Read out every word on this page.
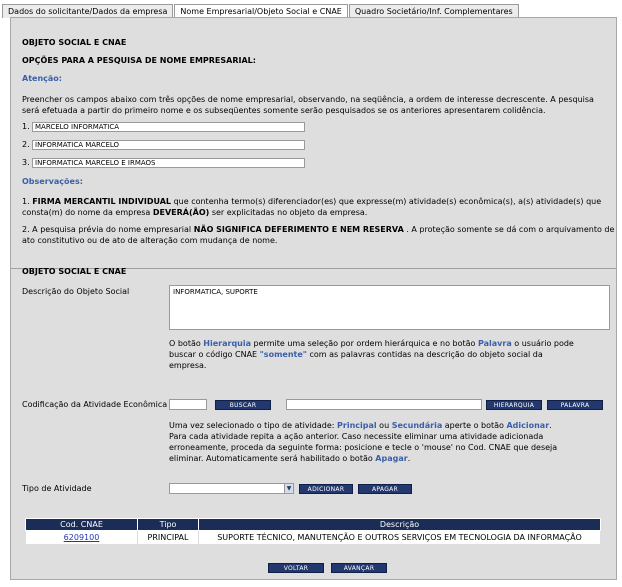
Dados do solicitante/Dados da empresa	Nome Empresarial/Objeto Social e CNAE	Quadro Societário/Inf. Complementares
OBJETO SOCIAL E CNAE
OPÇÕES PARA A PESQUISA DE NOME EMPRESARIAL:
Atenção:
Preencher os campos abaixo com três opções de nome empresarial, observando, na seqüência, a ordem de interesse decrescente. A pesquisa
será efetuada a partir do primeiro nome e os subseqüentes somente serão pesquisados se os anteriores apresentarem colidência.
1.
MARCELO INFORMATICA
2.
INFORMATICA MARCELO
3.
INFORMATICA MARCELO E IRMÃOS
Observações:
1. FIRMA MERCANTIL INDIVIDUAL que contenha termo(s) diferenciador(es) que expresse(m) atividade(s) econômica(s), a(s) atividade(s) que
consta(m) do nome da empresa DEVERÁ(ÃO) ser explicitadas no objeto da empresa.
2. A pesquisa prévia do nome empresarial NÃO SIGNIFICA DEFERIMENTO E NEM RESERVA . A proteção somente se dá com o arquivamento de
ato constitutivo ou de ato de alteração com mudança de nome.
OBJETO SOCIAL E CNAE
Descrição do Objeto Social	INFORMATICA, SUPORTE
O botão Hierarquia permite uma seleção por ordem hierárquica e no botão Palavra o usuário pode
buscar o código CNAE "somente" com as palavras contidas na descrição do objeto social da
empresa.
Codificação da Atividade Econômica	BUSCAR	HIERARQUIA	PALAVRA
Uma vez selecionado o tipo de atividade: Principal ou Secundária aperte o botão Adicionar.
Para cada atividade repita a ação anterior. Caso necessite eliminar uma atividade adicionada
erroneamente, proceda da seguinte forma: posicione e tecle o 'mouse' no Cod. CNAE que deseja
eliminar. Automaticamente será habilitado o botão Apagar.
Tipo de Atividade	▼	ADICIONAR	APAGAR
Cod. CNAE	Tipo	Descrição
6209100	PRINCIPAL	SUPORTE TÉCNICO, MANUTENÇÃO E OUTROS SERVIÇOS EM TECNOLOGIA DA INFORMAÇÃO
VOLTAR	AVANÇAR
